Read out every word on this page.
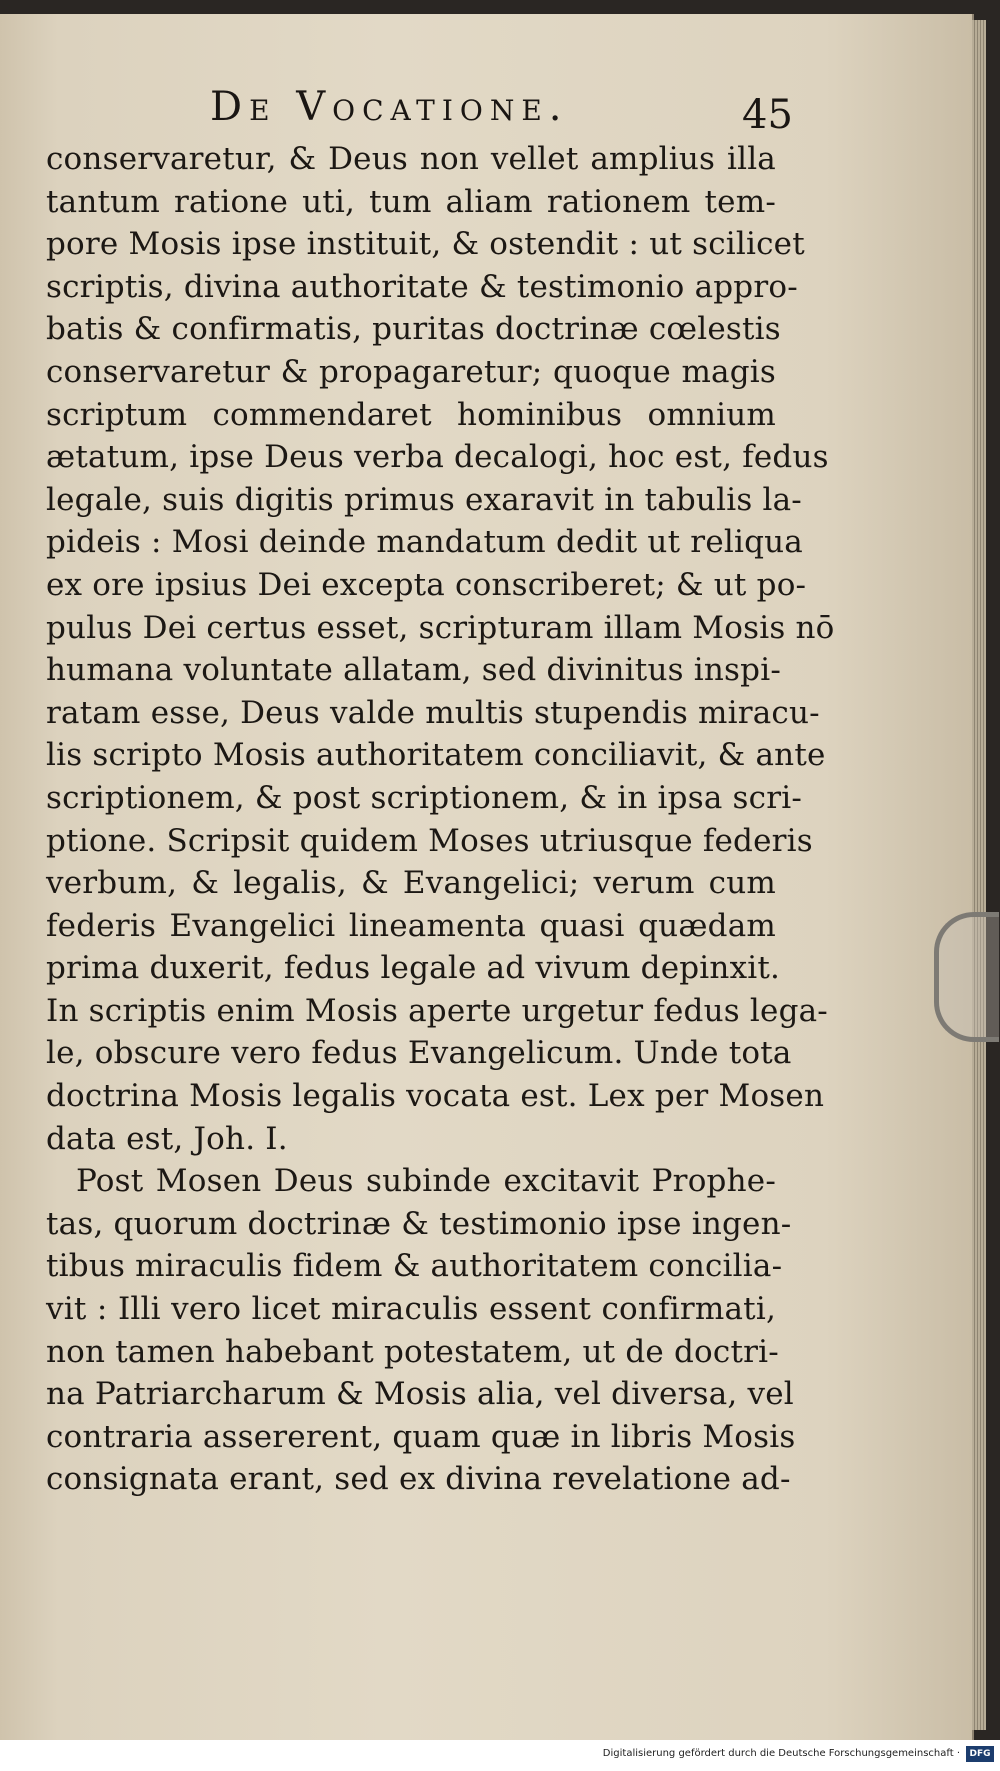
De Vocatione.	45
conservaretur, & Deus non vellet amplius illa
tantum ratione uti, tum aliam rationem tem-
pore Mosis ipse instituit, & ostendit : ut scilicet
scriptis, divina authoritate & testimonio appro-
batis & confirmatis, puritas doctrinæ cœlestis
conservaretur & propagaretur; quoque magis
scriptum commendaret hominibus omnium
ætatum, ipse Deus verba decalogi, hoc est, fedus
legale, suis digitis primus exaravit in tabulis la-
pideis : Mosi deinde mandatum dedit ut reliqua
ex ore ipsius Dei excepta conscriberet; & ut po-
pulus Dei certus esset, scripturam illam Mosis nō
humana voluntate allatam, sed divinitus inspi-
ratam esse, Deus valde multis stupendis miracu-
lis scripto Mosis authoritatem conciliavit, & ante
scriptionem, & post scriptionem, & in ipsa scri-
ptione. Scripsit quidem Moses utriusque federis
verbum, & legalis, & Evangelici; verum cum
federis Evangelici lineamenta quasi quædam
prima duxerit, fedus legale ad vivum depinxit.
In scriptis enim Mosis aperte urgetur fedus lega-
le, obscure vero fedus Evangelicum. Unde tota
doctrina Mosis legalis vocata est. Lex per Mosen
data est, Joh. I.
Post Mosen Deus subinde excitavit Prophe-
tas, quorum doctrinæ & testimonio ipse ingen-
tibus miraculis fidem & authoritatem concilia-
vit : Illi vero licet miraculis essent confirmati,
non tamen habebant potestatem, ut de doctri-
na Patriarcharum & Mosis alia, vel diversa, vel
contraria assererent, quam quæ in libris Mosis
consignata erant, sed ex divina revelatione ad-
Digitalisierung gefördert durch die Deutsche Forschungsgemeinschaft ·	DFG
